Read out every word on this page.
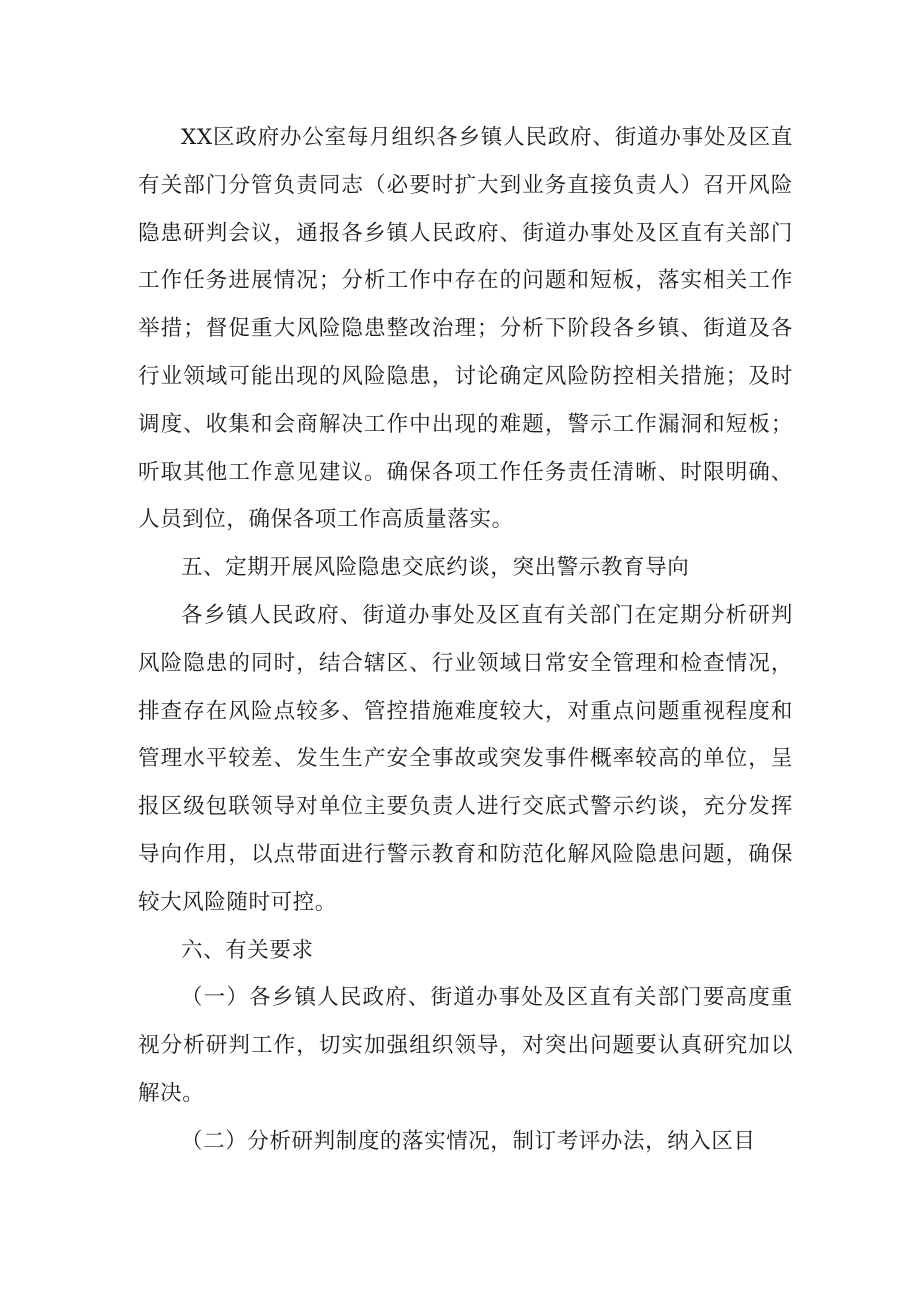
XX区政府办公室每月组织各乡镇人民政府、街道办事处及区直有关部门分管负责同志（必要时扩大到业务直接负责人）召开风险隐患研判会议，通报各乡镇人民政府、街道办事处及区直有关部门工作任务进展情况；分析工作中存在的问题和短板，落实相关工作举措；督促重大风险隐患整改治理；分析下阶段各乡镇、街道及各行业领域可能出现的风险隐患，讨论确定风险防控相关措施；及时调度、收集和会商解决工作中出现的难题，警示工作漏洞和短板；听取其他工作意见建议。确保各项工作任务责任清晰、时限明确、人员到位，确保各项工作高质量落实。

五、定期开展风险隐患交底约谈，突出警示教育导向

各乡镇人民政府、街道办事处及区直有关部门在定期分析研判风险隐患的同时，结合辖区、行业领域日常安全管理和检查情况，排查存在风险点较多、管控措施难度较大，对重点问题重视程度和管理水平较差、发生生产安全事故或突发事件概率较高的单位，呈报区级包联领导对单位主要负责人进行交底式警示约谈，充分发挥导向作用，以点带面进行警示教育和防范化解风险隐患问题，确保较大风险随时可控。

六、有关要求

（一）各乡镇人民政府、街道办事处及区直有关部门要高度重视分析研判工作，切实加强组织领导，对突出问题要认真研究加以解决。

（二）分析研判制度的落实情况，制订考评办法，纳入区目
